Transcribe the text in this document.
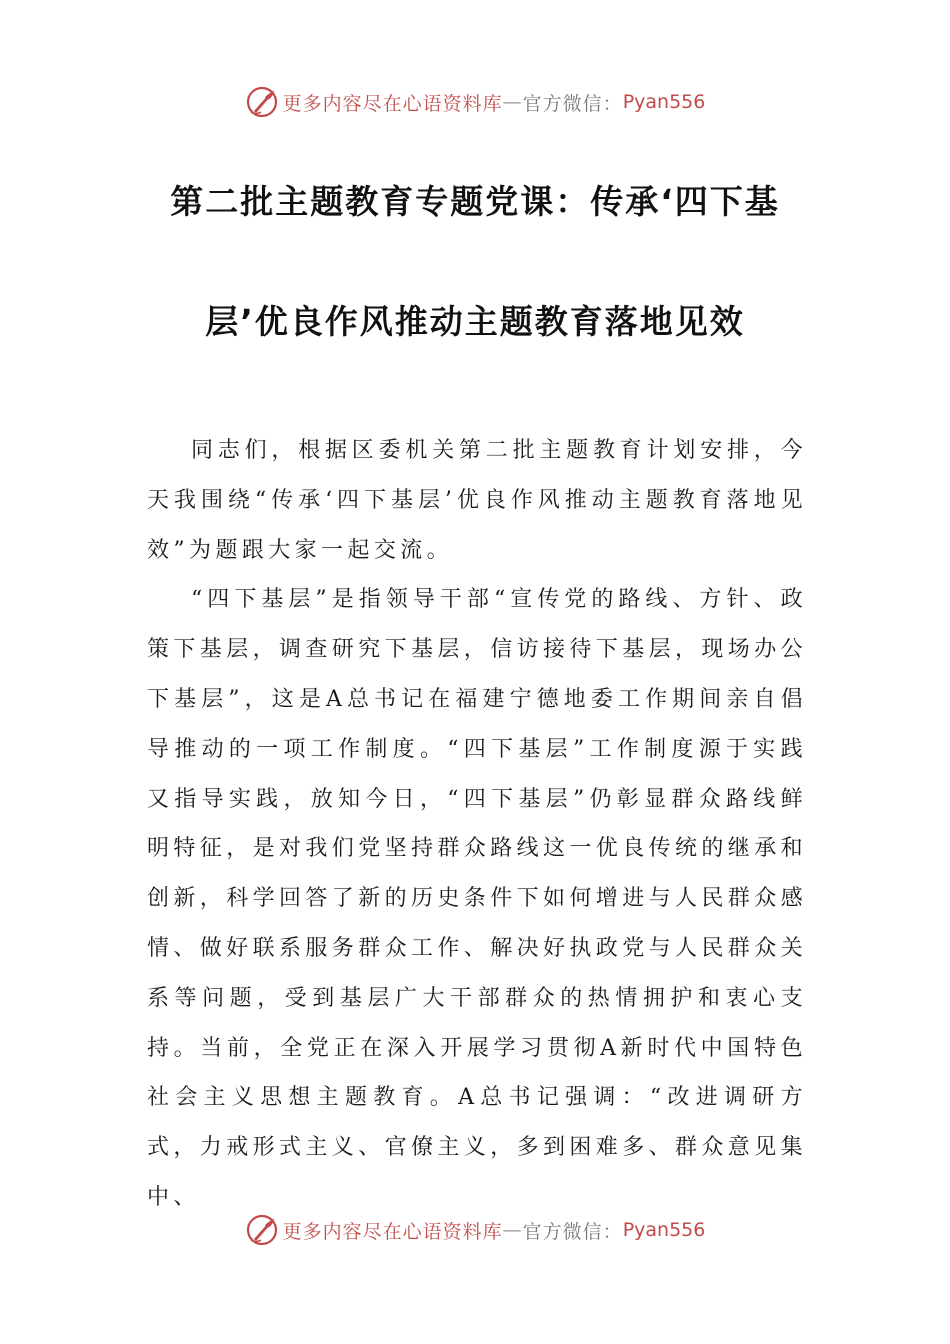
更多内容尽在心语资料库 — 官方微信： Pyan556
第二批主题教育专题党课：传承‘四下基
层’优良作风推动主题教育落地见效

同志们，根据区委机关第二批主题教育计划安排，今天我围绕“传承‘四下基层’优良作风推动主题教育落地见效”为题跟大家一起交流。

“四下基层”是指领导干部“宣传党的路线、方针、政策下基层，调查研究下基层，信访接待下基层，现场办公下基层”，这是A总书记在福建宁德地委工作期间亲自倡导推动的一项工作制度。“四下基层”工作制度源于实践又指导实践，放知今日，“四下基层”仍彰显群众路线鲜明特征，是对我们党坚持群众路线这一优良传统的继承和创新，科学回答了新的历史条件下如何增进与人民群众感情、做好联系服务群众工作、解决好执政党与人民群众关系等问题，受到基层广大干部群众的热情拥护和衷心支持。当前，全党正在深入开展学习贯彻A新时代中国特色社会主义思想主题教育。A总书记强调：“改进调研方式，力戒形式主义、官僚主义，多到困难多、群众意见集中、

更多内容尽在心语资料库 — 官方微信： Pyan556
